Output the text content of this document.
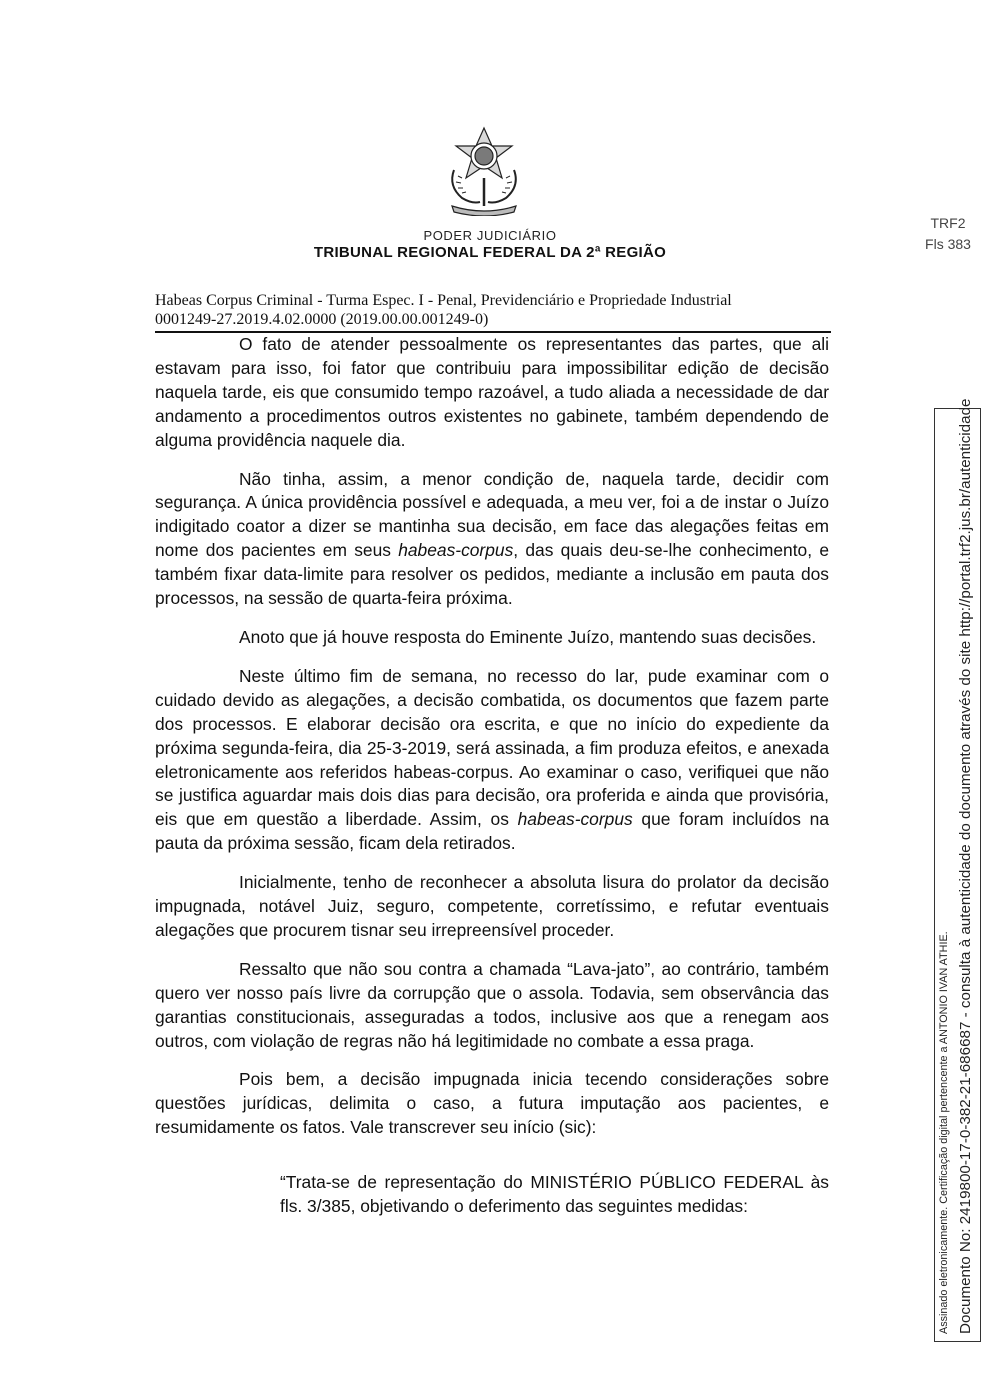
PODER JUDICIÁRIO
TRIBUNAL REGIONAL FEDERAL DA 2ª REGIÃO
TRF2
Fls 383
Habeas Corpus Criminal - Turma Espec. I - Penal, Previdenciário e Propriedade Industrial
0001249-27.2019.4.02.0000 (2019.00.00.001249-0)

O fato de atender pessoalmente os representantes das partes, que ali estavam para isso, foi fator que contribuiu para impossibilitar edição de decisão naquela tarde, eis que consumido tempo razoável, a tudo aliada a necessidade de dar andamento a procedimentos outros existentes no gabinete, também dependendo de alguma providência naquele dia.

Não tinha, assim, a menor condição de, naquela tarde, decidir com segurança. A única providência possível e adequada, a meu ver, foi a de instar o Juízo indigitado coator a dizer se mantinha sua decisão, em face das alegações feitas em nome dos pacientes em seus habeas-corpus, das quais deu-se-lhe conhecimento, e também fixar data-limite para resolver os pedidos, mediante a inclusão em pauta dos processos, na sessão de quarta-feira próxima.

Anoto que já houve resposta do Eminente Juízo, mantendo suas decisões.

Neste último fim de semana, no recesso do lar, pude examinar com o cuidado devido as alegações, a decisão combatida, os documentos que fazem parte dos processos. E elaborar decisão ora escrita, e que no início do expediente da próxima segunda-feira, dia 25-3-2019, será assinada, a fim produza efeitos, e anexada eletronicamente aos referidos habeas-corpus. Ao examinar o caso, verifiquei que não se justifica aguardar mais dois dias para decisão, ora proferida e ainda que provisória, eis que em questão a liberdade. Assim, os habeas-corpus que foram incluídos na pauta da próxima sessão, ficam dela retirados.

Inicialmente, tenho de reconhecer a absoluta lisura do prolator da decisão impugnada, notável Juiz, seguro, competente, corretíssimo, e refutar eventuais alegações que procurem tisnar seu irrepreensível proceder.

Ressalto que não sou contra a chamada “Lava-jato”, ao contrário, também quero ver nosso país livre da corrupção que o assola. Todavia, sem observância das garantias constitucionais, asseguradas a todos, inclusive aos que a renegam aos outros, com violação de regras não há legitimidade no combate a essa praga.

Pois bem, a decisão impugnada inicia tecendo considerações sobre questões jurídicas, delimita o caso, a futura imputação aos pacientes, e resumidamente os fatos. Vale transcrever seu início (sic):

“Trata-se de representação do MINISTÉRIO PÚBLICO FEDERAL às fls. 3/385, objetivando o deferimento das seguintes medidas:	Documento No: 2419800-17-0-382-21-686687 - consulta à autenticidade do documento através do site http://portal.trf2.jus.br/autenticidade
Assinado eletronicamente. Certificação digital pertencente a ANTONIO IVAN ATHIE.
